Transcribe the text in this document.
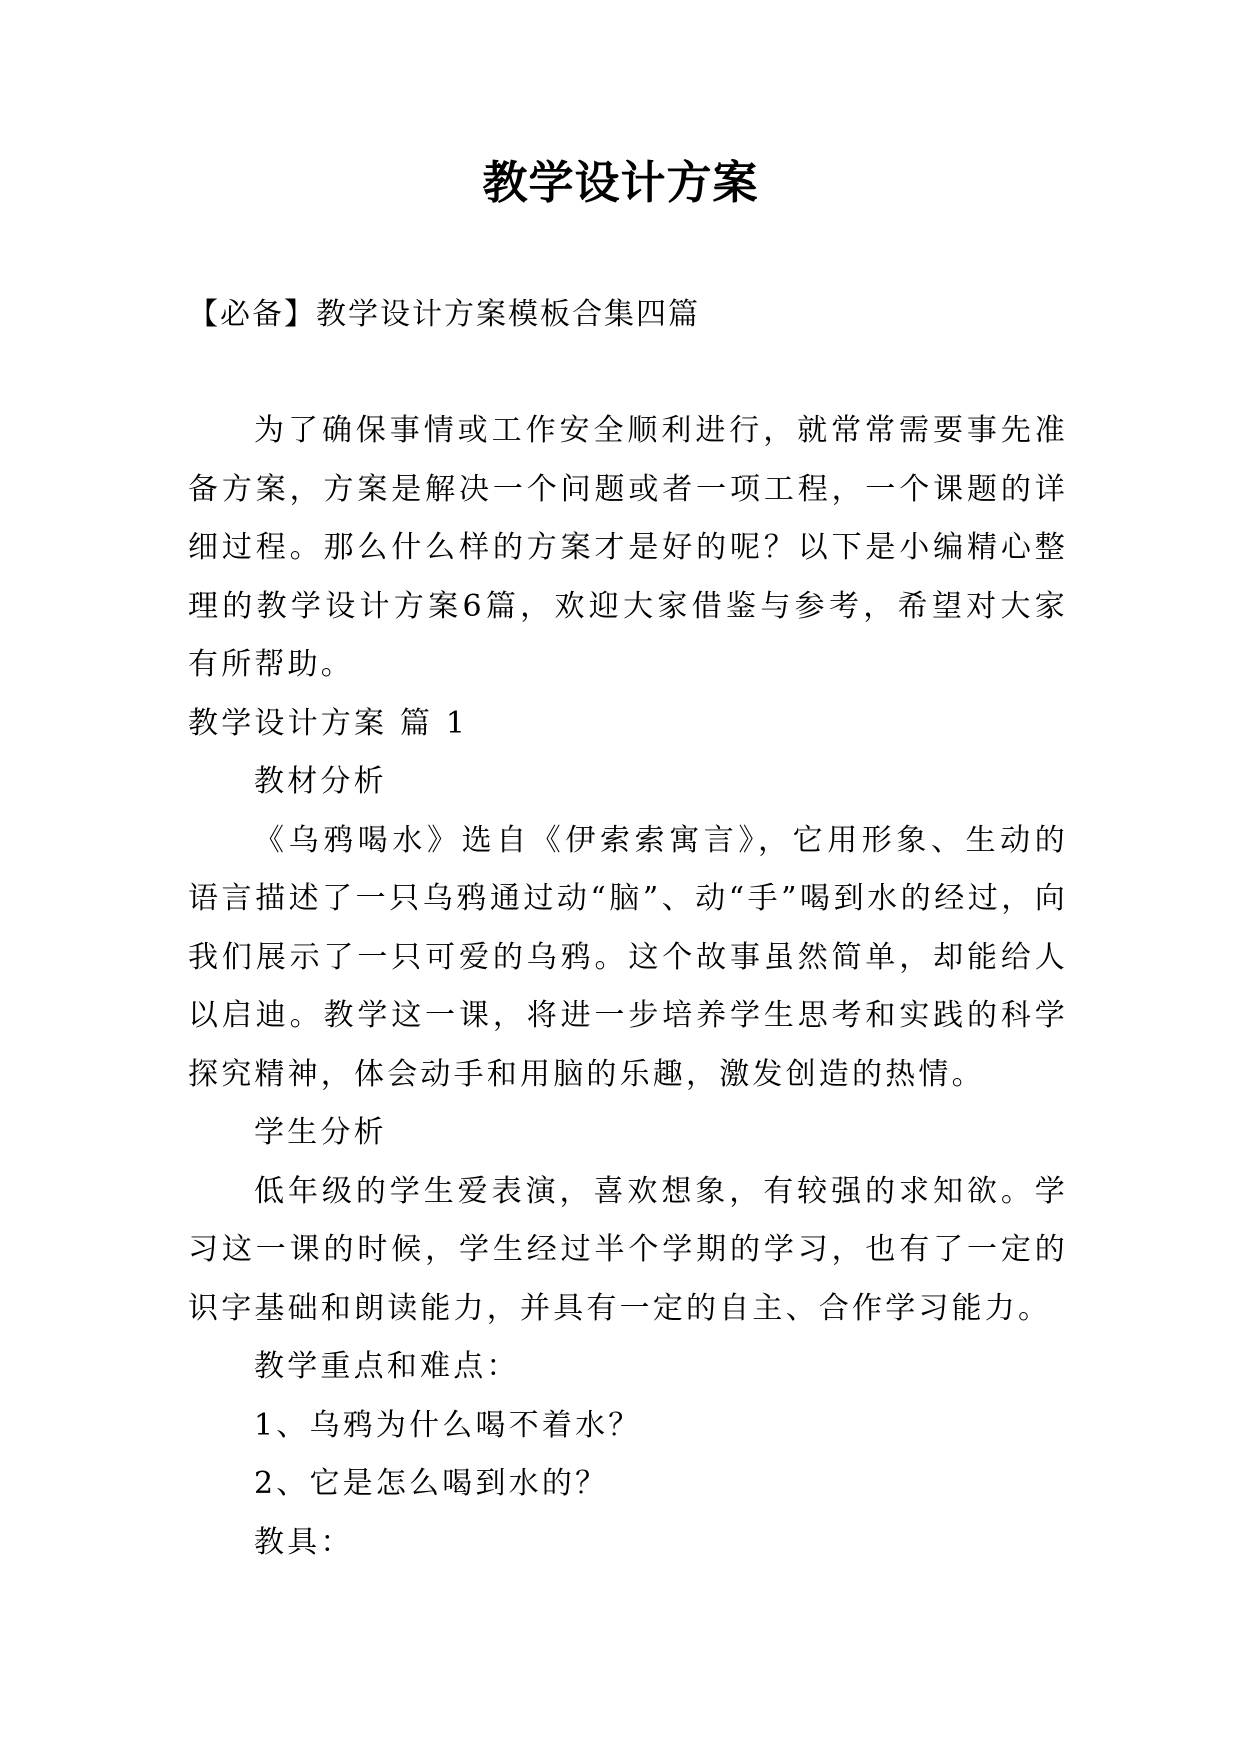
教学设计方案
【必备】教学设计方案模板合集四篇

为了确保事情或工作安全顺利进行，就常常需要事先准备方案，方案是解决一个问题或者一项工程，一个课题的详细过程。那么什么样的方案才是好的呢？以下是小编精心整理的教学设计方案6篇，欢迎大家借鉴与参考，希望对大家有所帮助。

教学设计方案 篇 1

教材分析

《乌鸦喝水》选自《伊索索寓言》，它用形象、生动的语言描述了一只乌鸦通过动“脑”、动“手”喝到水的经过，向我们展示了一只可爱的乌鸦。这个故事虽然简单，却能给人以启迪。教学这一课，将进一步培养学生思考和实践的科学探究精神，体会动手和用脑的乐趣，激发创造的热情。

学生分析

低年级的学生爱表演，喜欢想象，有较强的求知欲。学习这一课的时候，学生经过半个学期的学习，也有了一定的识字基础和朗读能力，并具有一定的自主、合作学习能力。

教学重点和难点：

1、乌鸦为什么喝不着水？

2、它是怎么喝到水的？

教具：
